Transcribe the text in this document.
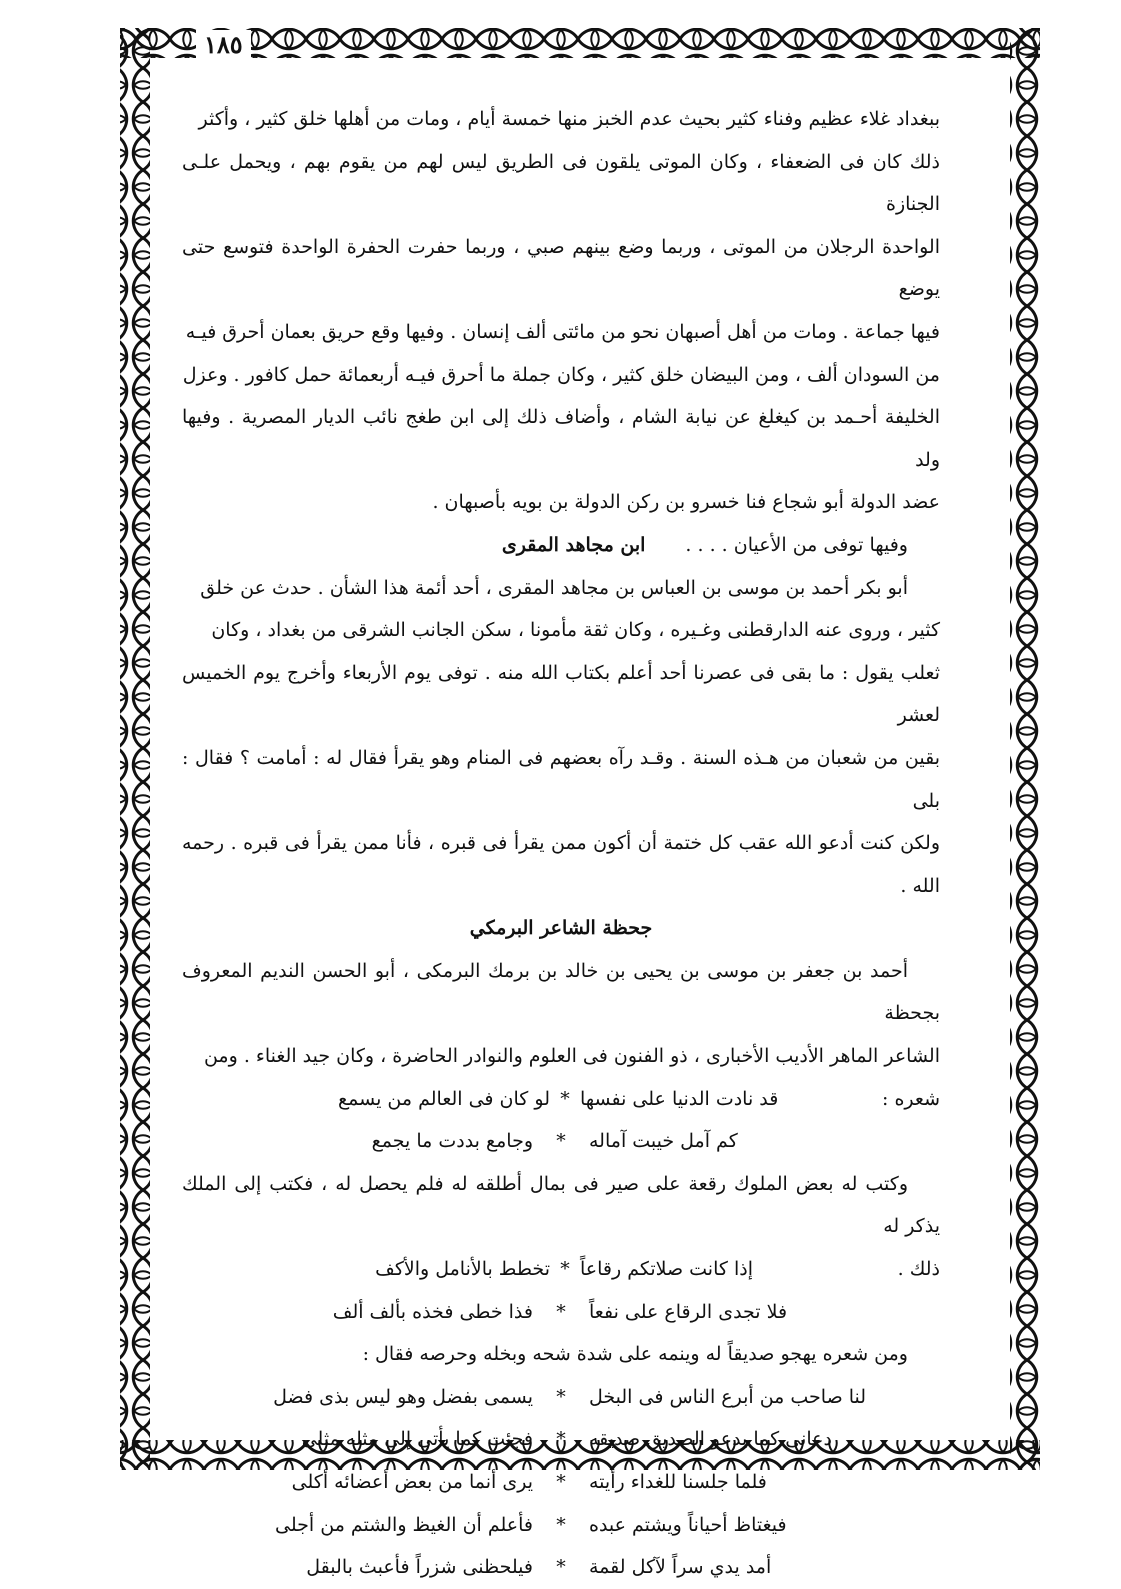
١٨٥

ببغداد غلاء عظيم وفناء كثير بحيث عدم الخبز منها خمسة أيام ، ومات من أهلها خلق كثير ، وأكثر

ذلك كان فى الضعفاء ، وكان الموتى يلقون فى الطريق ليس لهم من يقوم بهم ، ويحمل علـى الجنازة

الواحدة الرجلان من الموتى ، وربما وضع بينهم صبي ، وربما حفرت الحفرة الواحدة فتوسع حتى يوضع

فيها جماعة . ومات من أهل أصبهان نحو من مائتى ألف إنسان . وفيها وقع حريق بعمان أحرق فيـه

من السودان ألف ، ومن البيضان خلق كثير ، وكان جملة ما أحرق فيـه أربعمائة حمل كافور . وعزل

الخليفة أحـمد بن كيغلغ عن نيابة الشام ، وأضاف ذلك إلى ابن طغج نائب الديار المصرية . وفيها ولد

عضد الدولة أبو شجاع فنا خسرو بن ركن الدولة بن بويه بأصبهان .

وفيها توفى من الأعيان . . . .
ابن مجاهد المقرى

أبو بكر أحمد بن موسى بن العباس بن مجاهد المقرى ، أحد أئمة هذا الشأن . حدث عن خلق

كثير ، وروى عنه الدارقطنى وغـيره ، وكان ثقة مأمونا ، سكن الجانب الشرقى من بغداد ، وكان

ثعلب يقول : ما بقى فى عصرنا أحد أعلم بكتاب الله منه . توفى يوم الأربعاء وأخرج يوم الخميس لعشر

بقين من شعبان من هـذه السنة . وقـد رآه بعضهم فى المنام وهو يقرأ فقال له : أمامت ؟ فقال : بلى

ولكن كنت أدعو الله عقب كل ختمة أن أكون ممن يقرأ فى قبره ، فأنا ممن يقرأ فى قبره . رحمه الله .

جحظة الشاعر البرمكي

أحمد بن جعفر بن موسى بن يحيى بن خالد بن برمك البرمكى ، أبو الحسن النديم المعروف بجحظة

الشاعر الماهر الأديب الأخبارى ، ذو الفنون فى العلوم والنوادر الحاضرة ، وكان جيد الغناء . ومن

شعره :
قد نادت الدنيا على نفسها
*
لو كان فى العالم من يسمع
كم آمل خيبت آماله
*
وجامع بددت ما يجمع

وكتب له بعض الملوك رقعة على صير فى بمال أطلقه له فلم يحصل له ، فكتب إلى الملك يذكر له

ذلك .
إذا كانت صلاتكم رقاعاً
*
تخطط بالأنامل والأكف
فلا تجدى الرقاع على نفعاً
*
فذا خطى فخذه بألف ألف

ومن شعره يهجو صديقاً له وينمه على شدة شحه وبخله وحرصه فقال :

لنا صاحب من أبرع الناس فى البخل
*
يسمى بفضل وهو ليس بذى فضل
دعانى كما يدعو الصديق صديقه
*
فجئت كما يأتى إلى مثله مثلى
فلما جلسنا للغداء رأيته
*
يرى أنما من بعض أعضائه أكلى
فيغتاظ أحياناً ويشتم عبده
*
فأعلم أن الغيظ والشتم من أجلى
أمد يدي سراً لآكل لقمة
*
فيلحظنى شزراً فأعبث بالبقل
